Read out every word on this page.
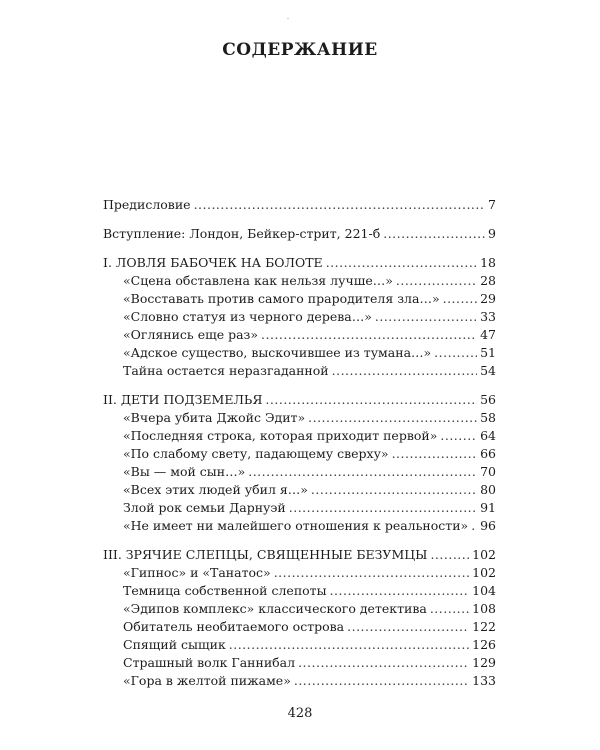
СОДЕРЖАНИЕ
Предисловие .....	7
Вступление: Лондон, Бейкер-стрит, 221-б .....	9
I. ЛОВЛЯ БАБОЧЕК НА БОЛОТЕ .....	18
«Сцена обставлена как нельзя лучше…» .....	28
«Восставать против самого прародителя зла…» .....	29
«Словно статуя из черного дерева…» .....	33
«Оглянись еще раз» .....	47
«Адское существо, выскочившее из тумана…» .....	51
Тайна остается неразгаданной .....	54
II. ДЕТИ ПОДЗЕМЕЛЬЯ .....	56
«Вчера убита Джойс Эдит» .....	58
«Последняя строка, которая приходит первой» .....	64
«По слабому свету, падающему сверху» .....	66
«Вы — мой сын…» .....	70
«Всех этих людей убил я…» .....	80
Злой рок семьи Дарнуэй .....	91
«Не имеет ни малейшего отношения к реальности» ..... 96
III. ЗРЯЧИЕ СЛЕПЦЫ, СВЯЩЕННЫЕ БЕЗУМЦЫ .....	102
«Гипнос» и «Танатос» .....	102
Темница собственной слепоты .....	104
«Эдипов комплекс» классического детектива .....	108
Обитатель необитаемого острова .....	122
Спящий сыщик .....	126
Страшный волк Ганнибал .....	129
«Гора в желтой пижаме» .....	133
428
